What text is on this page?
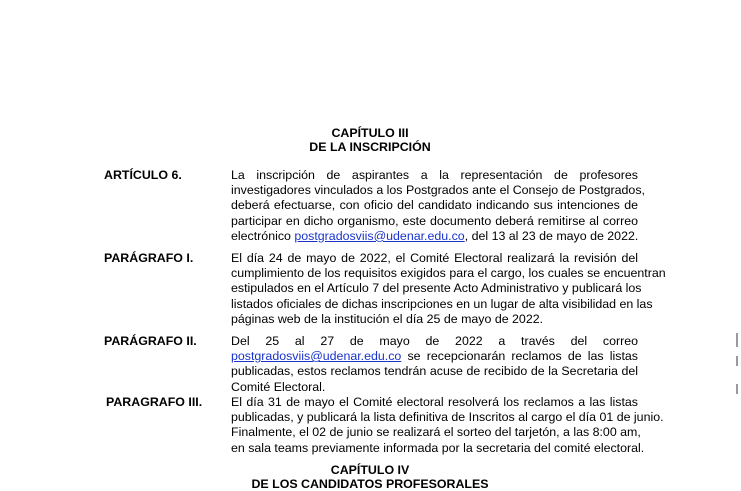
CAPÍTULO III
DE LA INSCRIPCIÓN
ARTÍCULO 6.	La inscripción de aspirantes a la representación de profesores
investigadores vinculados a los Postgrados ante el Consejo de Postgrados,
deberá efectuarse, con oficio del candidato indicando sus intenciones de
participar en dicho organismo, este documento deberá remitirse al correo
electrónico postgradosviis@udenar.edu.co, del 13 al 23 de mayo de 2022.
PARÁGRAFO I.	El día 24 de mayo de 2022, el Comité Electoral realizará la revisión del
cumplimiento de los requisitos exigidos para el cargo, los cuales se encuentran
estipulados en el Artículo 7 del presente Acto Administrativo y publicará los
listados oficiales de dichas inscripciones en un lugar de alta visibilidad en las
páginas web de la institución el día 25 de mayo de 2022.
PARÁGRAFO II.	Del 25 al 27 de mayo de 2022 a través del correo
postgradosviis@udenar.edu.co se recepcionarán reclamos de las listas
publicadas, estos reclamos tendrán acuse de recibido de la Secretaria del
Comité Electoral.
PARAGRAFO III. El día 31 de mayo el Comité electoral resolverá los reclamos a las listas
publicadas, y publicará la lista definitiva de Inscritos al cargo el día 01 de junio.
Finalmente, el 02 de junio se realizará el sorteo del tarjetón, a las 8:00 am,
en sala teams previamente informada por la secretaria del comité electoral.
CAPÍTULO IV
DE LOS CANDIDATOS PROFESORALES
